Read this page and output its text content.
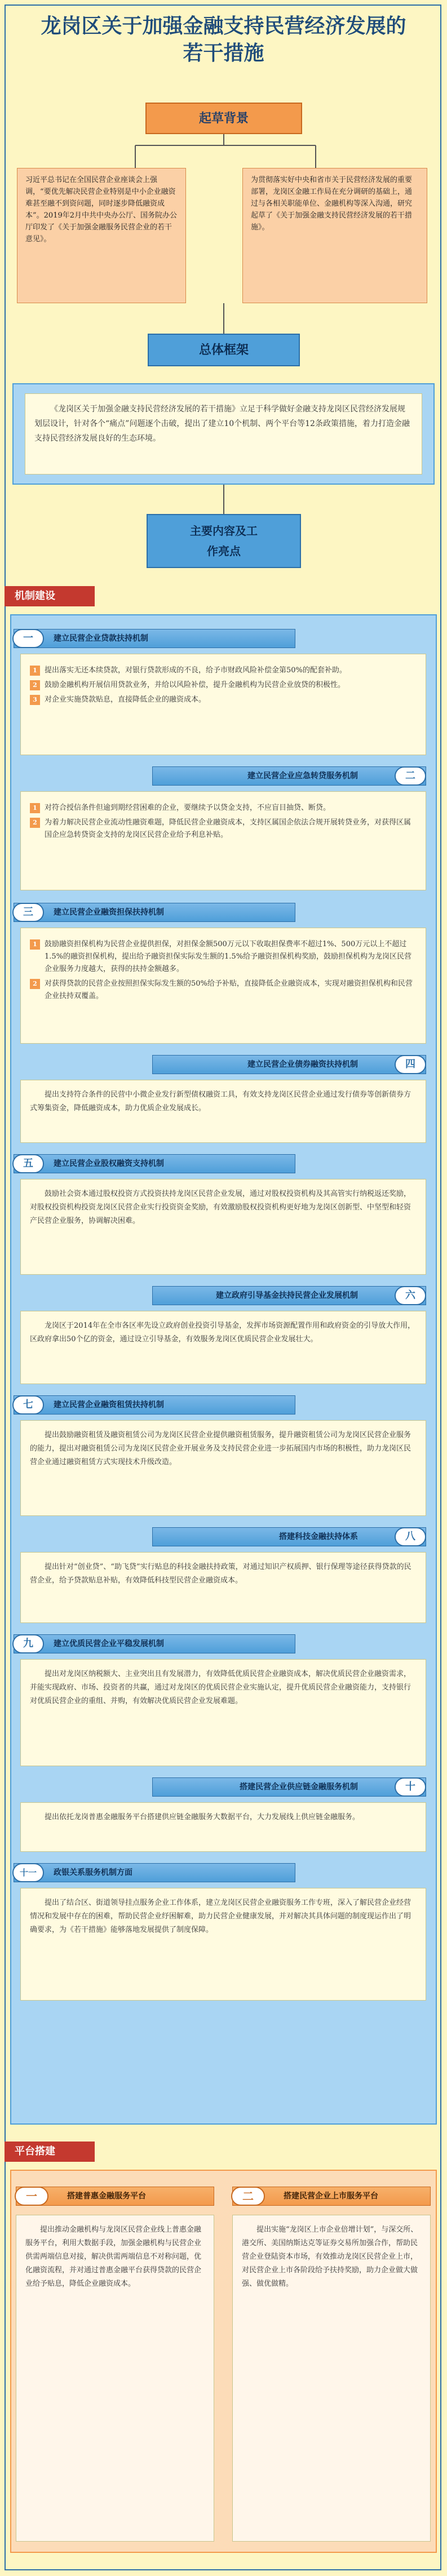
龙岗区关于加强金融支持民营经济发展的
若干措施
起草背景
习近平总书记在全国民营企业座谈会上强调，“要优先解决民营企业特别是中小企业融资难甚至融不到资问题，同时逐步降低融资成本”。2019年2月中共中央办公厅、国务院办公厅印发了《关于加强金融服务民营企业的若干意见》。
为贯彻落实好中央和省市关于民营经济发展的重要部署，龙岗区金融工作局在充分调研的基础上，通过与各相关职能单位、金融机构等深入沟通，研究起草了《关于加强金融支持民营经济发展的若干措施》。
总体框架
《龙岗区关于加强金融支持民营经济发展的若干措施》立足于科学做好金融支持龙岗区民营经济发展规划层设计，针对各个“痛点”问题逐个击破，提出了建立10个机制、两个平台等12条政策措施，着力打造金融支持民营经济发展良好的生态环境。
主要内容及工
作亮点
机制建设
建立民营企业贷款扶持机制
一
1	提出落实无还本续贷款，对银行贷款形成的不良，给予市财政风险补偿金第50%的配套补助。
2	鼓励金融机构开展信用贷款业务，并给以风险补偿，提升金融机构为民营企业放贷的积极性。
3	对企业实施贷款贴息，直接降低企业的融资成本。
建立民营企业应急转贷服务机制	二
1	对符合授信条件但逾到期经营困难的企业，要继续予以贷金支持，不应盲目抽贷、断贷。
2	为着力解决民营企业流动性融资难题，降低民营企业融资成本，支持区属国企依法合规开展转贷业务，对获得区属国企应急转贷资金支持的龙岗区民营企业给予利息补贴。
建立民营企业融资担保扶持机制
三
1	鼓励融资担保机构为民营企业提供担保，对担保金额500万元以下收取担保费率不超过1%、500万元以上不超过1.5%的融资担保机构，提出给予融资担保实际发生额的1.5%给予融资担保机构奖励，鼓励担保机构为龙岗区民营企业服务力度越大，获得的扶持金额越多。
2	对获得贷款的民营企业按照担保实际发生额的50%给予补贴，直接降低企业融资成本，实现对融资担保机构和民营企业扶持双覆盖。
建立民营企业债券融资扶持机制	四
提出支持符合条件的民营中小微企业发行新型债权融资工具，有效支持龙岗区民营企业通过发行债券等创新债券方式筹集资金，降低融资成本，助力优质企业发展成长。
建立民营企业股权融资支持机制
五
鼓励社会资本通过股权投资方式投资扶持龙岗区民营企业发展，通过对股权投资机构及其高管实行纳税返还奖励，对股权投资机构投资龙岗区民营企业实行投资资金奖励，有效激励股权投资机构更好地为龙岗区创新型、中坚型和轻资产民营企业服务，协调解决困难。
建立政府引导基金扶持民营企业发展机制	六
龙岗区于2014年在全市各区率先设立政府创业投资引导基金，发挥市场资源配置作用和政府资金的引导放大作用，区政府拿出50个亿的资金，通过设立引导基金，有效服务龙岗区优质民营企业发展壮大。
建立民营企业融资租赁扶持机制
七
提出鼓励融资租赁及融资租赁公司为龙岗区民营企业提供融资租赁服务，提升融资租赁公司为龙岗区民营企业服务的能力，提出对融资租赁公司为龙岗区民营企业开展业务及支持民营企业进一步拓展国内市场的积极性，助力龙岗区民营企业通过融资租赁方式实现技术升级改造。
搭建科技金融扶持体系	八
提出针对“创业贷”、“助飞贷”实行贴息的科技金融扶持政策，对通过知识产权质押、银行保理等途径获得贷款的民营企业，给予贷款贴息补贴，有效降低科技型民营企业融资成本。
建立优质民营企业平稳发展机制
九
提出对龙岗区纳税额大、主业突出且有发展潜力，有效降低优质民营企业融资成本，解决优质民营企业融资需求，并能实现政府、市场、投资者的共赢，通过对龙岗区的优质民营企业实施认定，提升优质民营企业融资能力，支持银行对优质民营企业的重组、并购，有效解决优质民营企业发展难题。
搭建民营企业供应链金融服务机制	十
提出依托龙岗普惠金融服务平台搭建供应链金融服务大数据平台，大力发展线上供应链金融服务。
政银关系服务机制方面
十一
提出了结合区、街道领导挂点服务企业工作体系，建立龙岗区民营企业融资服务工作专班，深入了解民营企业经营情况和发展中存在的困难，帮助民营企业纾困解难，助力民营企业健康发展，并对解决其具体问题的制度现运作出了明确要求，为《若干措施》能够落地发展提供了制度保障。
平台搭建
搭建普惠金融服务平台
一
提出推动金融机构与龙岗区民营企业线上普惠金融服务平台，利用大数据手段，加强金融机构与民营企业供需两端信息对接，解决供需两端信息不对称问题，优化融资流程，并对通过普惠金融平台获得贷款的民营企业给予贴息，降低企业融资成本。
搭建民营企业上市服务平台
二
提出实施“龙岗区上市企业倍增计划”，与深交所、港交所、美国纳斯达克等证券交易所加强合作，帮助民营企业登陆资本市场，有效推动龙岗区民营企业上市，对民营企业上市各阶段给予扶持奖励，助力企业做大做强、做优做精。
